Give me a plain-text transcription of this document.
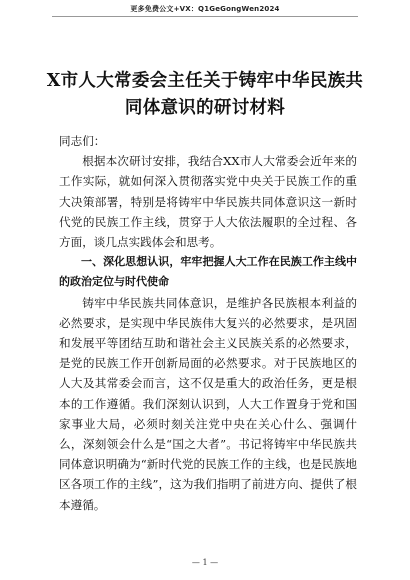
更多免费公文+VX：Q1GeGongWen2024
X市人大常委会主任关于铸牢中华民族共同体意识的研讨材料

同志们：

根据本次研讨安排，我结合XX市人大常委会近年来的工作实际，就如何深入贯彻落实党中央关于民族工作的重大决策部署，特别是将铸牢中华民族共同体意识这一新时代党的民族工作主线，贯穿于人大依法履职的全过程、各方面，谈几点实践体会和思考。

一、深化思想认识，牢牢把握人大工作在民族工作主线中的政治定位与时代使命

铸牢中华民族共同体意识，是维护各民族根本利益的必然要求，是实现中华民族伟大复兴的必然要求，是巩固和发展平等团结互助和谐社会主义民族关系的必然要求，是党的民族工作开创新局面的必然要求。对于民族地区的人大及其常委会而言，这不仅是重大的政治任务，更是根本的工作遵循。我们深刻认识到，人大工作置身于党和国家事业大局，必须时刻关注党中央在关心什么、强调什么，深刻领会什么是“国之大者”。书记将铸牢中华民族共同体意识明确为“新时代党的民族工作的主线，也是民族地区各项工作的主线”，这为我们指明了前进方向、提供了根本遵循。

— 1 —
